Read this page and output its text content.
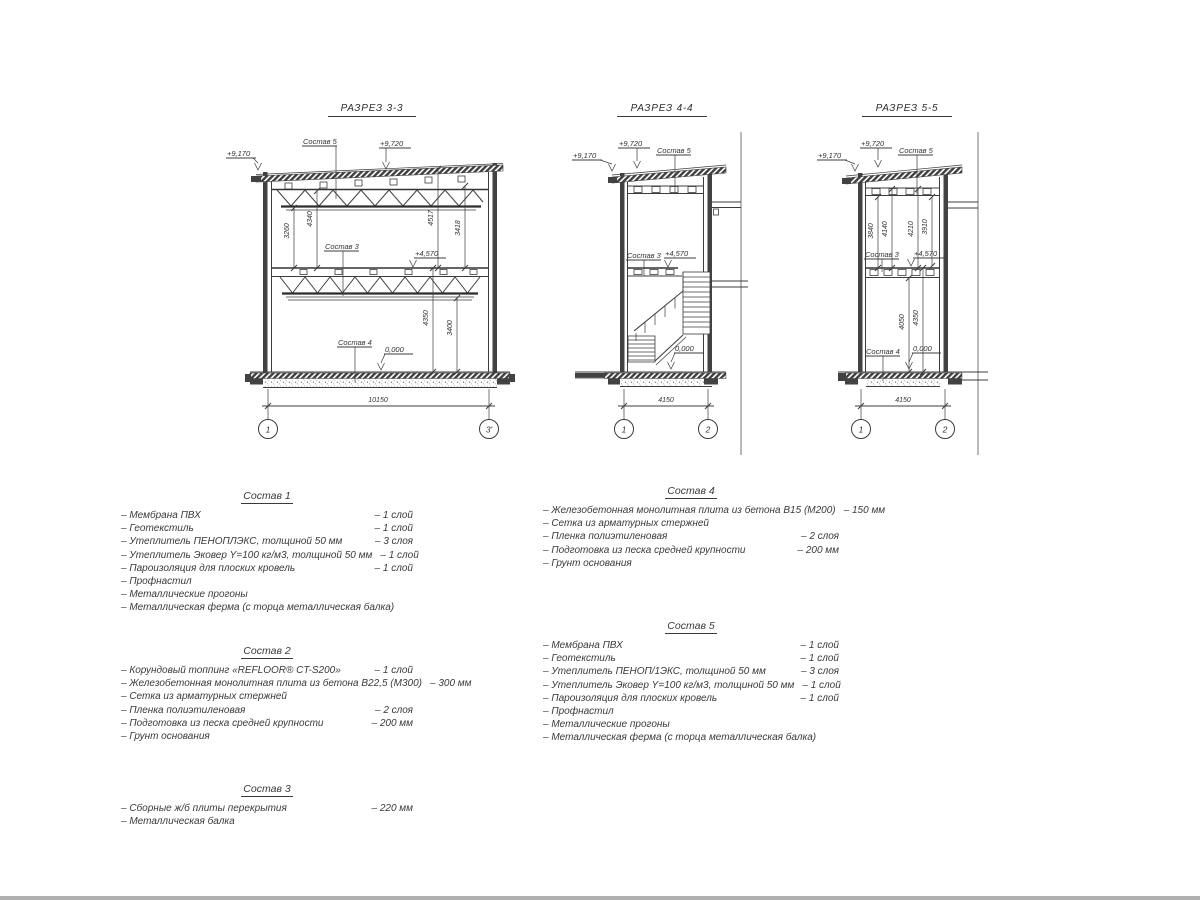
РАЗРЕЗ 3-3	РАЗРЕЗ 4-4	РАЗРЕЗ 5-5
+9,170
+9,720
+4,570
0,000
Состав 5
Состав 3
Состав 4
3260
4340	4517
3418
4350
3400
10150
1	3'
+9,170
+9,720
+4,570
0,000
Состав 5
Состав 3
4150
1	2
+9,170
+9,720
+4,570
0,000
Состав 5
Состав 3
Состав 4
3840 4140	4210 3910
4050 4350
4150
1	2
Состав 1
– Мембрана ПВХ	– 1 слой
– Геотекстиль	– 1 слой
– Утеплитель ПЕНОПЛЭКС, толщиной 50 мм	– 3 слоя
– Утеплитель Эковер Y=100 кг/м3, толщиной 50 мм – 1 слой
– Пароизоляция для плоских кровель	– 1 слой
– Профнастил
– Металлические прогоны
– Металлическая ферма (с торца металлическая балка)
Состав 2
– Корундовый топпинг «REFLOOR® CT-S200»	– 1 слой
– Железобетонная монолитная плита из бетона В22,5 (М300) – 300 мм
– Сетка из арматурных стержней
– Пленка полиэтиленовая	– 2 слоя
– Подготовка из песка средней крупности	– 200 мм
– Грунт основания
Состав 3
– Сборные ж/б плиты перекрытия	– 220 мм
– Металлическая балка
Состав 4
– Железобетонная монолитная плита из бетона В15 (М200) – 150 мм
– Сетка из арматурных стержней
– Пленка полиэтиленовая	– 2 слоя
– Подготовка из песка средней крупности	– 200 мм
– Грунт основания
Состав 5
– Мембрана ПВХ	– 1 слой
– Геотекстиль	– 1 слой
– Утеплитель ПЕНОП/1ЭКС, толщиной 50 мм	– 3 слоя
– Утеплитель Эковер Y=100 кг/м3, толщиной 50 мм – 1 слой
– Пароизоляция для плоских кровель	– 1 слой
– Профнастил
– Металлические прогоны
– Металлическая ферма (с торца металлическая балка)
